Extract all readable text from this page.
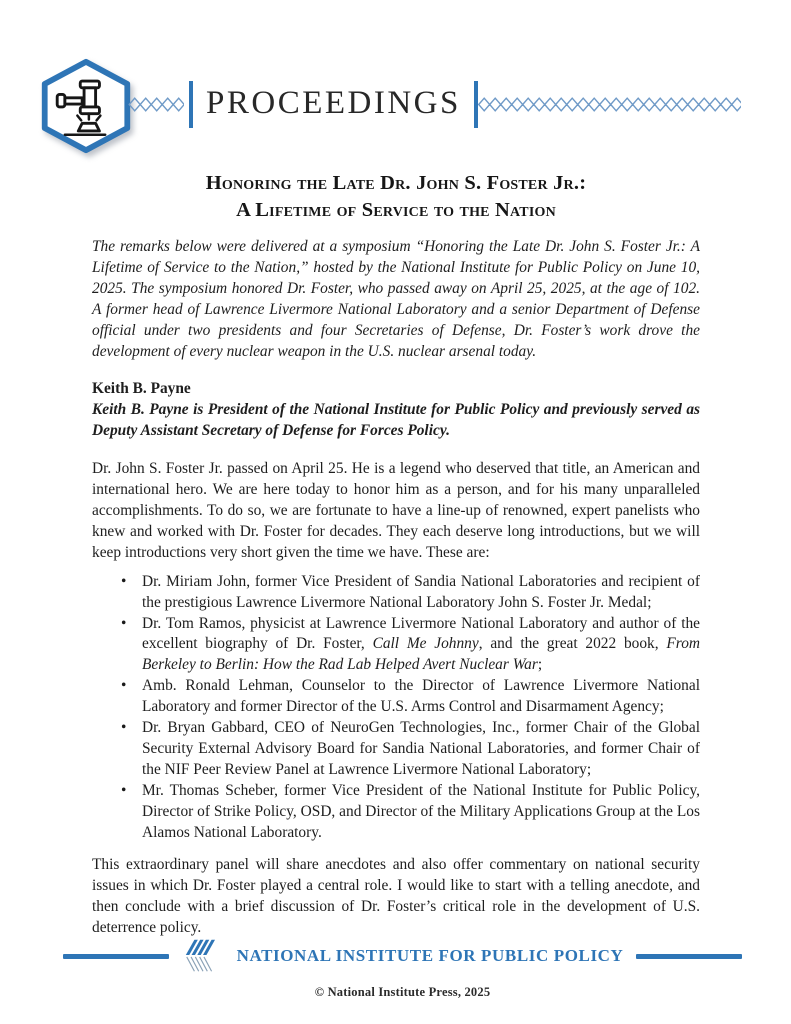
PROCEEDINGS
Honoring the Late Dr. John S. Foster Jr.:
A Lifetime of Service to the Nation

The remarks below were delivered at a symposium “Honoring the Late Dr. John S. Foster Jr.: A Lifetime of Service to the Nation,” hosted by the National Institute for Public Policy on June 10, 2025. The symposium honored Dr. Foster, who passed away on April 25, 2025, at the age of 102. A former head of Lawrence Livermore National Laboratory and a senior Department of Defense official under two presidents and four Secretaries of Defense, Dr. Foster’s work drove the development of every nuclear weapon in the U.S. nuclear arsenal today.

Keith B. Payne

Keith B. Payne is President of the National Institute for Public Policy and previously served as Deputy Assistant Secretary of Defense for Forces Policy.

Dr. John S. Foster Jr. passed on April 25. He is a legend who deserved that title, an American and international hero. We are here today to honor him as a person, and for his many unparalleled accomplishments. To do so, we are fortunate to have a line-up of renowned, expert panelists who knew and worked with Dr. Foster for decades. They each deserve long introductions, but we will keep introductions very short given the time we have. These are:

• Dr. Miriam John, former Vice President of Sandia National Laboratories and recipient of the prestigious Lawrence Livermore National Laboratory John S. Foster Jr. Medal;
• Dr. Tom Ramos, physicist at Lawrence Livermore National Laboratory and author of the excellent biography of Dr. Foster, Call Me Johnny, and the great 2022 book, From Berkeley to Berlin: How the Rad Lab Helped Avert Nuclear War;
• Amb. Ronald Lehman, Counselor to the Director of Lawrence Livermore National Laboratory and former Director of the U.S. Arms Control and Disarmament Agency;
• Dr. Bryan Gabbard, CEO of NeuroGen Technologies, Inc., former Chair of the Global Security External Advisory Board for Sandia National Laboratories, and former Chair of the NIF Peer Review Panel at Lawrence Livermore National Laboratory;
• Mr. Thomas Scheber, former Vice President of the National Institute for Public Policy, Director of Strike Policy, OSD, and Director of the Military Applications Group at the Los Alamos National Laboratory.

This extraordinary panel will share anecdotes and also offer commentary on national security issues in which Dr. Foster played a central role. I would like to start with a telling anecdote, and then conclude with a brief discussion of Dr. Foster’s critical role in the development of U.S. deterrence policy.

NATIONAL INSTITUTE FOR PUBLIC POLICY
© National Institute Press, 2025
